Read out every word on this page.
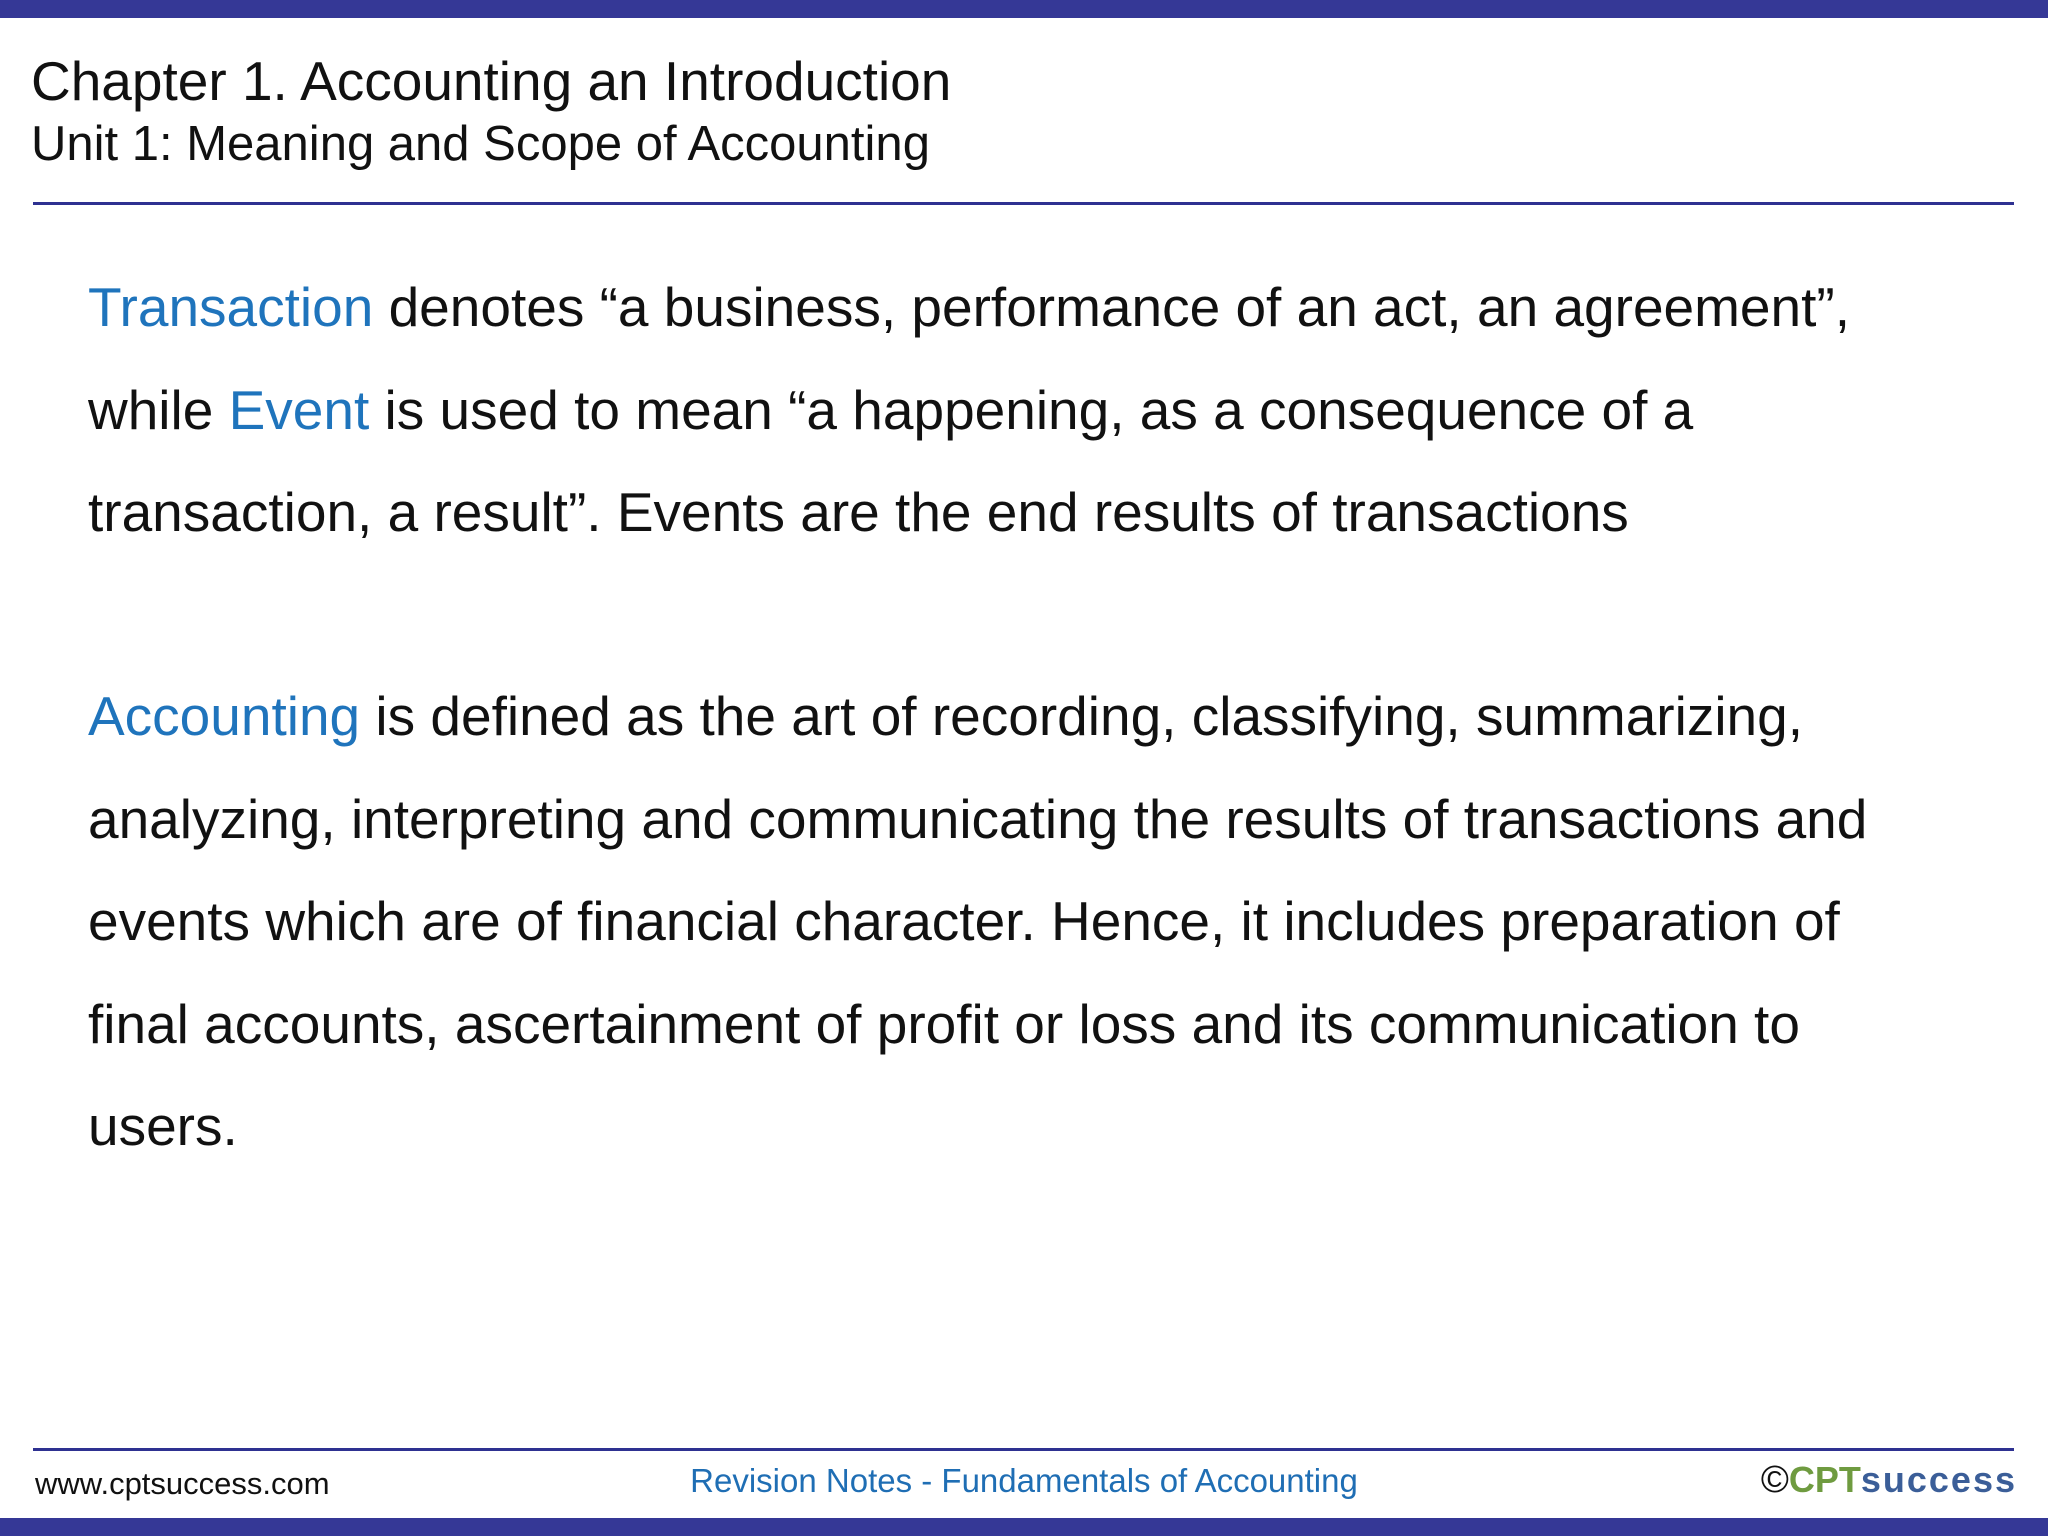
Chapter 1. Accounting an Introduction
Unit 1: Meaning and Scope of Accounting
Transaction denotes “a business, performance of an act, an agreement”,
while Event is used to mean “a happening, as a consequence of a
transaction, a result”. Events are the end results of transactions
Accounting is defined as the art of recording, classifying, summarizing,
analyzing, interpreting and communicating the results of transactions and
events which are of financial character. Hence, it includes preparation of
final accounts, ascertainment of profit or loss and its communication to
users.
www.cptsuccess.com	Revision Notes - Fundamentals of Accounting	©CPTsuccess
